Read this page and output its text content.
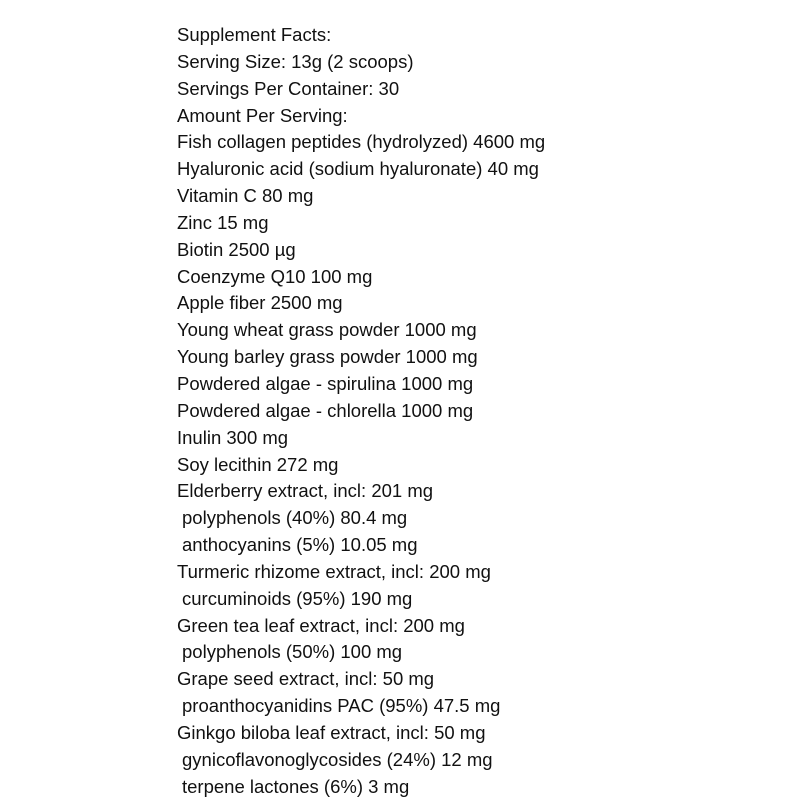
Supplement Facts:
Serving Size: 13g (2 scoops)
Servings Per Container: 30
Amount Per Serving:
Fish collagen peptides (hydrolyzed) 4600 mg
Hyaluronic acid (sodium hyaluronate) 40 mg
Vitamin C 80 mg
Zinc 15 mg
Biotin 2500 µg
Coenzyme Q10 100 mg
Apple fiber 2500 mg
Young wheat grass powder 1000 mg
Young barley grass powder 1000 mg
Powdered algae - spirulina 1000 mg
Powdered algae - chlorella 1000 mg
Inulin 300 mg
Soy lecithin 272 mg
Elderberry extract, incl: 201 mg
polyphenols (40%) 80.4 mg
anthocyanins (5%) 10.05 mg
Turmeric rhizome extract, incl: 200 mg
curcuminoids (95%) 190 mg
Green tea leaf extract, incl: 200 mg
polyphenols (50%) 100 mg
Grape seed extract, incl: 50 mg
proanthocyanidins PAC (95%) 47.5 mg
Ginkgo biloba leaf extract, incl: 50 mg
gynicoflavonoglycosides (24%) 12 mg
terpene lactones (6%) 3 mg
